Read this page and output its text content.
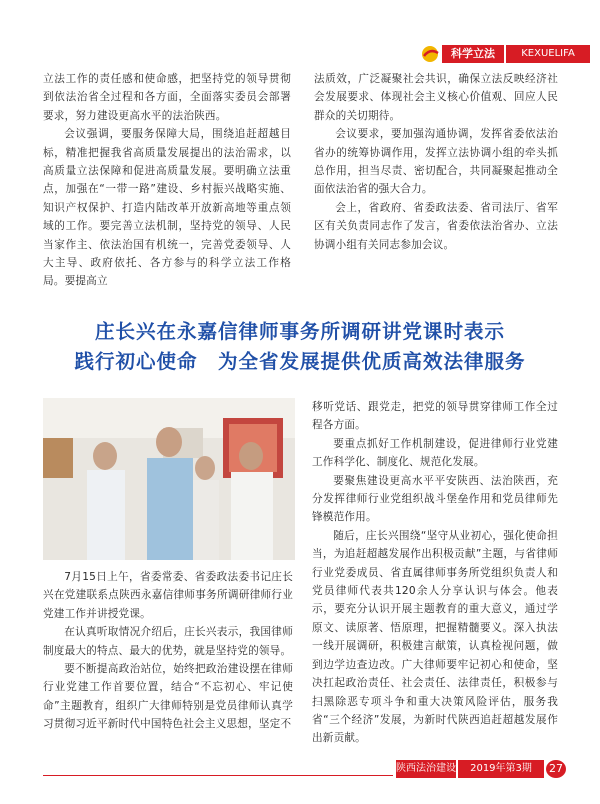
科学立法	KEXUELIFA

立法工作的责任感和使命感，把坚持党的领导贯彻到依法治省全过程和各方面，全面落实委员会部署要求，努力建设更高水平的法治陕西。

会议强调，要服务保障大局，围绕追赶超越目标，精准把握我省高质量发展提出的法治需求，以高质量立法保障和促进高质量发展。要明确立法重点，加强在“一带一路”建设、乡村振兴战略实施、知识产权保护、打造内陆改革开放新高地等重点领域的工作。要完善立法机制，坚持党的领导、人民当家作主、依法治国有机统一，完善党委领导、人大主导、政府依托、各方参与的科学立法工作格局。要提高立

法质效，广泛凝聚社会共识，确保立法反映经济社会发展要求、体现社会主义核心价值观、回应人民群众的关切期待。

会议要求，要加强沟通协调，发挥省委依法治省办的统筹协调作用，发挥立法协调小组的牵头抓总作用，担当尽责、密切配合，共同凝聚起推动全面依法治省的强大合力。

会上，省政府、省委政法委、省司法厅、省军区有关负责同志作了发言，省委依法治省办、立法协调小组有关同志参加会议。

庄长兴在永嘉信律师事务所调研讲党课时表示
践行初心使命　为全省发展提供优质高效法律服务

7月15日上午，省委常委、省委政法委书记庄长兴在党建联系点陕西永嘉信律师事务所调研律师行业党建工作并讲授党课。

在认真听取情况介绍后，庄长兴表示，我国律师制度最大的特点、最大的优势，就是坚持党的领导。

要不断提高政治站位，始终把政治建设摆在律师行业党建工作首要位置，结合“不忘初心、牢记使命”主题教育，组织广大律师特别是党员律师认真学习贯彻习近平新时代中国特色社会主义思想，坚定不

移听党话、跟党走，把党的领导贯穿律师工作全过程各方面。

要重点抓好工作机制建设，促进律师行业党建工作科学化、制度化、规范化发展。

要聚焦建设更高水平平安陕西、法治陕西，充分发挥律师行业党组织战斗堡垒作用和党员律师先锋模范作用。

随后，庄长兴围绕“坚守从业初心，强化使命担当，为追赶超越发展作出积极贡献”主题，与省律师行业党委成员、省直属律师事务所党组织负责人和党员律师代表共120余人分享认识与体会。他表示，要充分认识开展主题教育的重大意义，通过学原文、读原著、悟原理，把握精髓要义。深入执法一线开展调研，积极建言献策，认真检视问题，做到边学边查边改。广大律师要牢记初心和使命，坚决扛起政治责任、社会责任、法律责任，积极参与扫黑除恶专项斗争和重大决策风险评估，服务我省“三个经济”发展，为新时代陕西追赶超越发展作出新贡献。

陕西法治建设	2019年第3期	27
